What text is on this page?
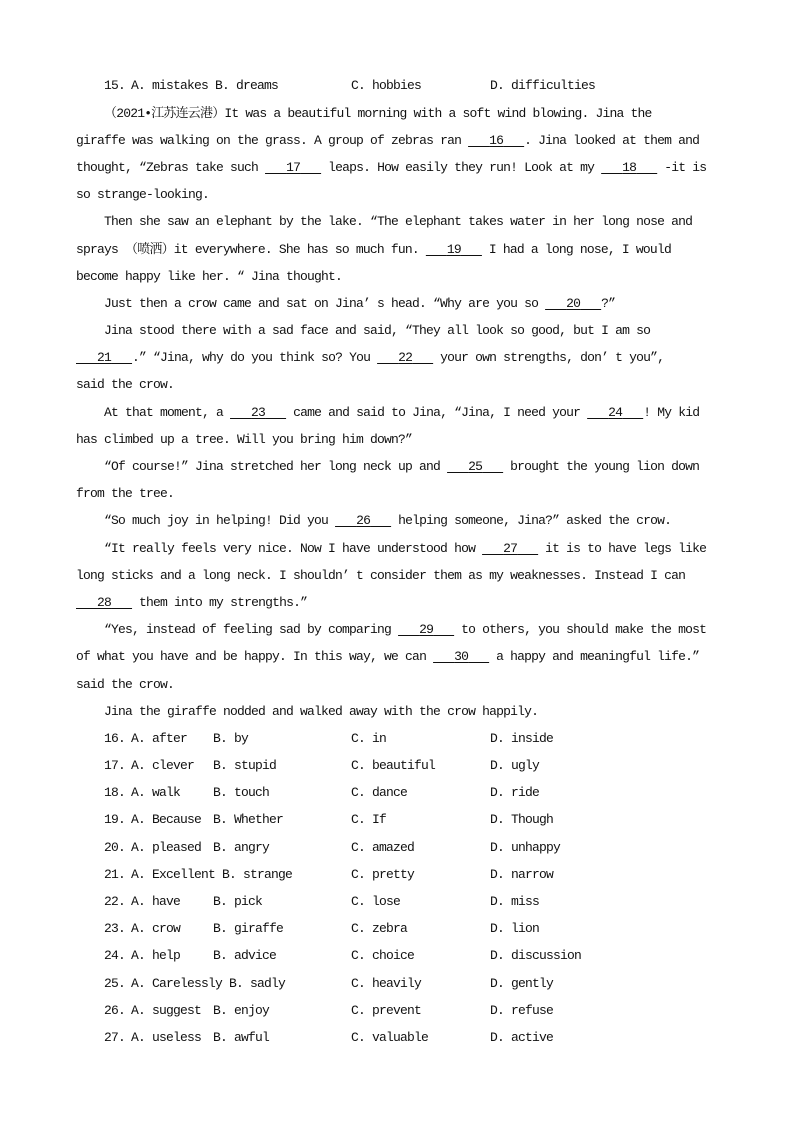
15. A. mistakes B. dreams	C. hobbies	D. difficulties
（2021•江苏连云港）It was a beautiful morning with a soft wind blowing. Jina the
giraffe was walking on the grass. A group of zebras ran 16 . Jina looked at them and
thought, “Zebras take such 17 leaps. How easily they run! Look at my 18 -it is
so strange-looking.
Then she saw an elephant by the lake. “The elephant takes water in her long nose and
sprays （喷洒）it everywhere. She has so much fun. 19 I had a long nose, I would
become happy like her. “ Jina thought.
Just then a crow came and sat on Jina’ s head. “Why are you so 20 ?”
Jina stood there with a sad face and said, “They all look so good, but I am so
21 .” “Jina, why do you think so? You 22 your own strengths, don’ t you”,
said the crow.
At that moment, a 23 came and said to Jina, “Jina, I need your 24 ! My kid
has climbed up a tree. Will you bring him down?”
“Of course!” Jina stretched her long neck up and 25 brought the young lion down
from the tree.
“So much joy in helping! Did you 26 helping someone, Jina?” asked the crow.
“It really feels very nice. Now I have understood how 27 it is to have legs like
long sticks and a long neck. I shouldn’ t consider them as my weaknesses. Instead I can
28 them into my strengths.”
“Yes, instead of feeling sad by comparing 29 to others, you should make the most
of what you have and be happy. In this way, we can 30 a happy and meaningful life.”
said the crow.
Jina the giraffe nodded and walked away with the crow happily.
16. A. after	B. by	C. in	D. inside
17. A. clever	B. stupid	C. beautiful	D. ugly
18. A. walk	B. touch	C. dance	D. ride
19. A. Because B. Whether	C. If	D. Though
20. A. pleased B. angry	C. amazed	D. unhappy
21. A. Excellent B. strange	C. pretty	D. narrow
22. A. have	B. pick	C. lose	D. miss
23. A. crow	B. giraffe	C. zebra	D. lion
24. A. help	B. advice	C. choice	D. discussion
25. A. Carelessly B. sadly	C. heavily	D. gently
26. A. suggest B. enjoy	C. prevent	D. refuse
27. A. useless B. awful	C. valuable	D. active
